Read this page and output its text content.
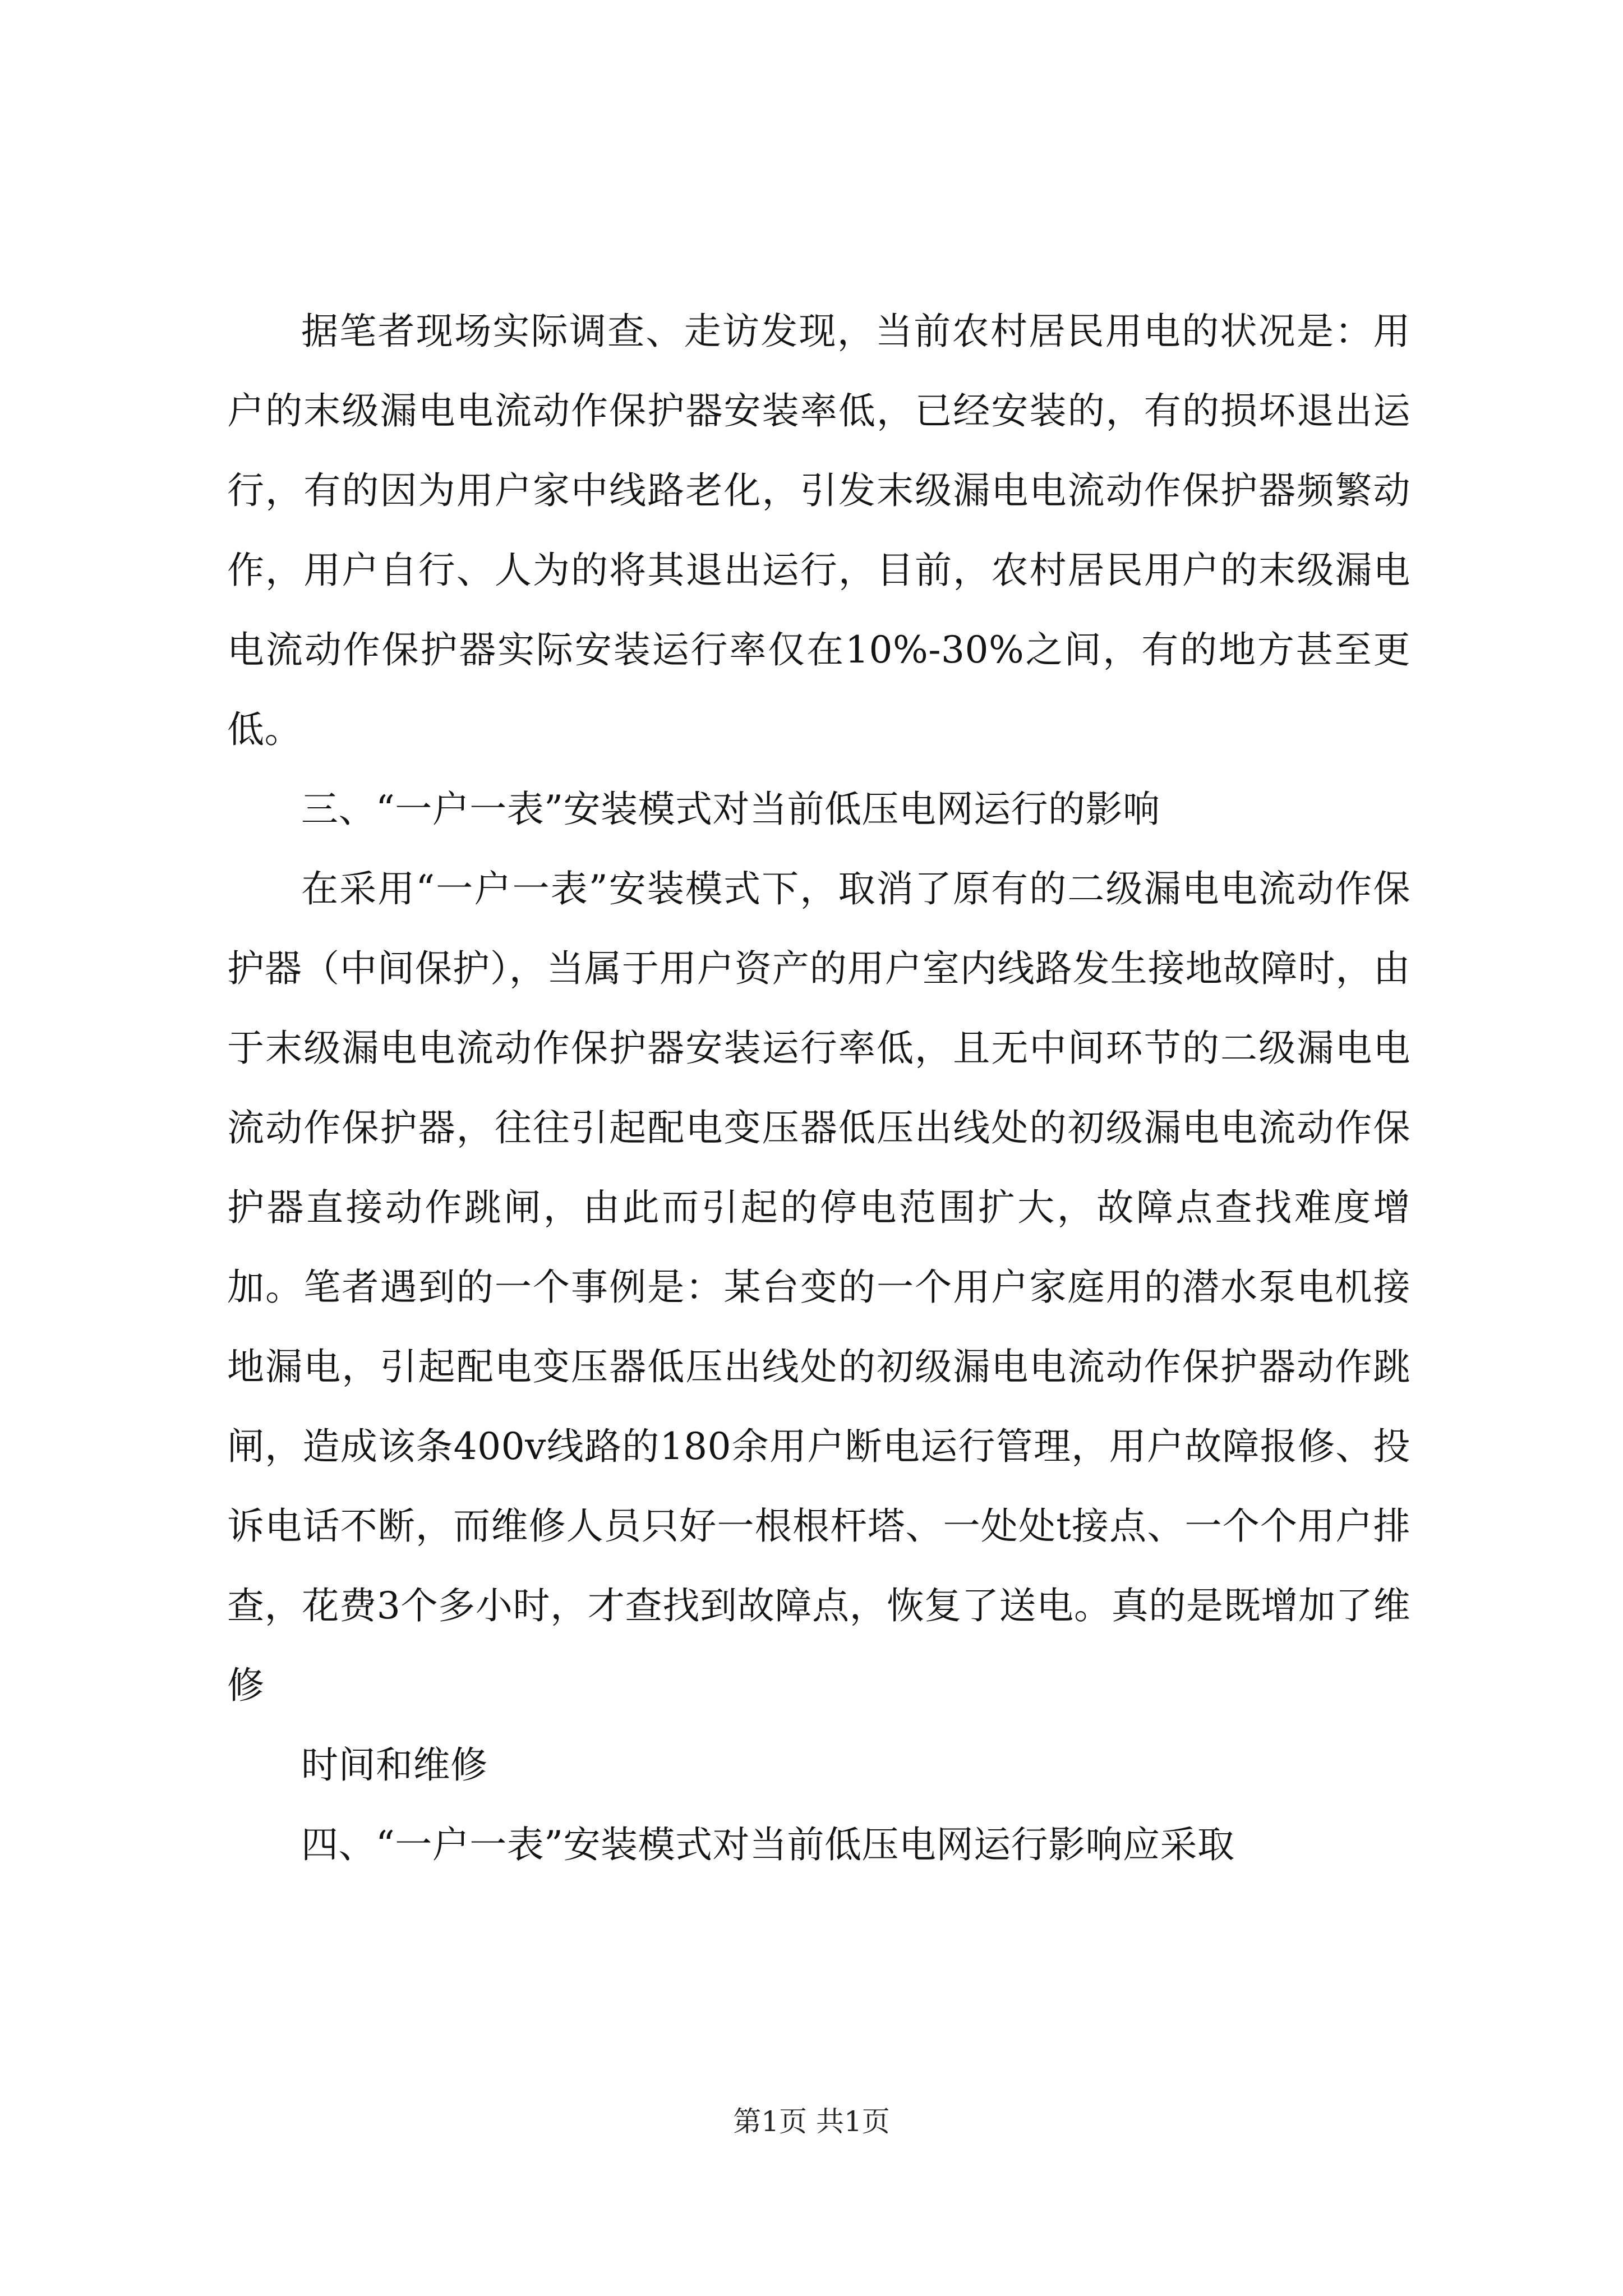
据笔者现场实际调查、走访发现，当前农村居民用电的状况是：用户的末级漏电电流动作保护器安装率低，已经安装的，有的损坏退出运行，有的因为用户家中线路老化，引发末级漏电电流动作保护器频繁动作，用户自行、人为的将其退出运行，目前，农村居民用户的末级漏电电流动作保护器实际安装运行率仅在10%-30%之间，有的地方甚至更低。

三、“一户一表”安装模式对当前低压电网运行的影响

在采用“一户一表”安装模式下，取消了原有的二级漏电电流动作保护器（中间保护），当属于用户资产的用户室内线路发生接地故障时，由于末级漏电电流动作保护器安装运行率低，且无中间环节的二级漏电电流动作保护器，往往引起配电变压器低压出线处的初级漏电电流动作保护器直接动作跳闸，由此而引起的停电范围扩大，故障点查找难度增加。笔者遇到的一个事例是：某台变的一个用户家庭用的潜水泵电机接地漏电，引起配电变压器低压出线处的初级漏电电流动作保护器动作跳闸，造成该条400v线路的180余用户断电运行管理，用户故障报修、投诉电话不断，而维修人员只好一根根杆塔、一处处t接点、一个个用户排查，花费3个多小时，才查找到故障点，恢复了送电。真的是既增加了维修

时间和维修

四、“一户一表”安装模式对当前低压电网运行影响应采取

第1页 共1页
